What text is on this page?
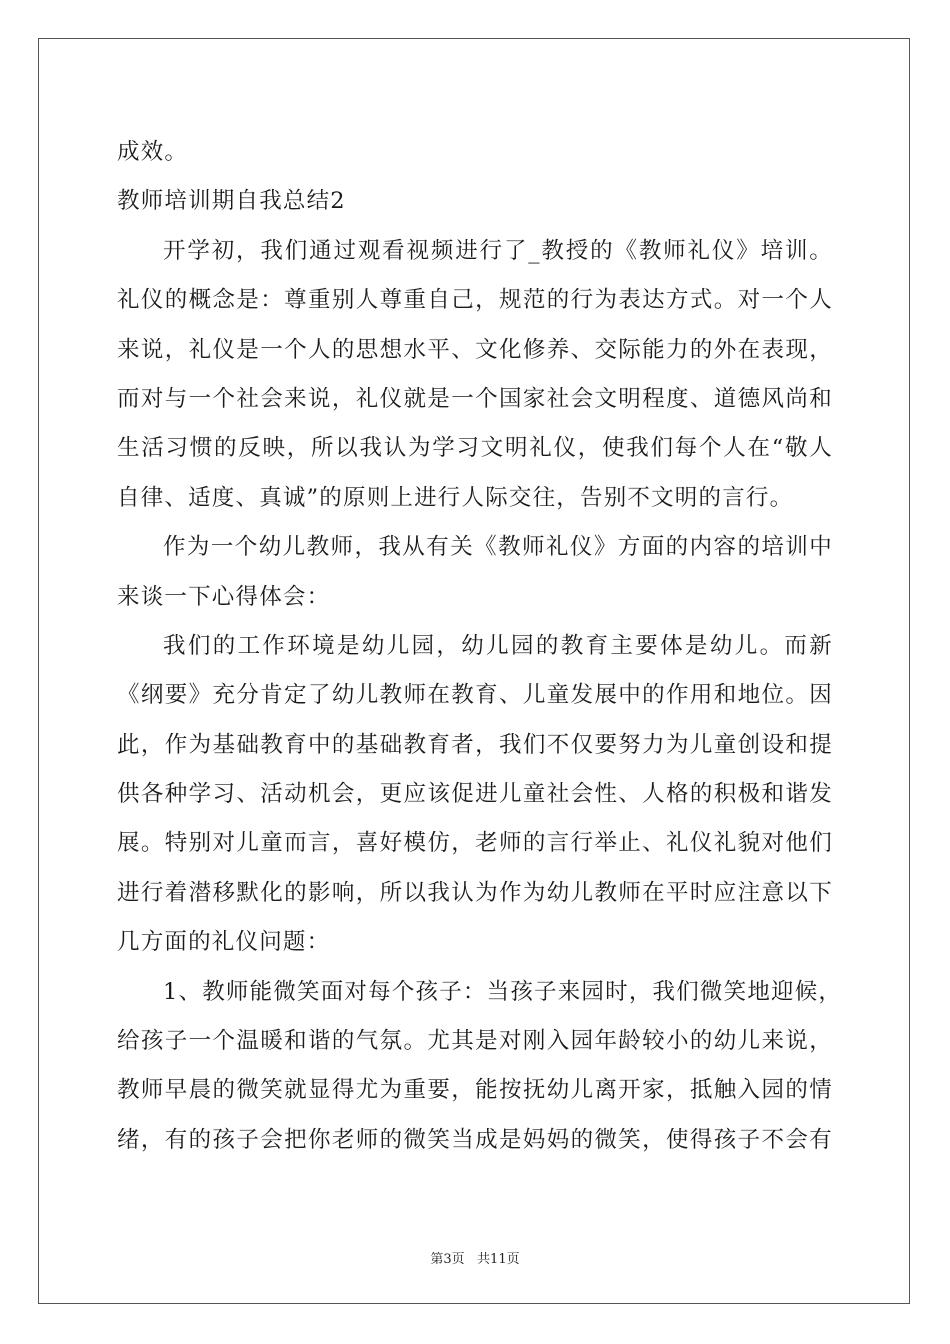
成效。
教师培训期自我总结2
开学初，我们通过观看视频进行了_教授的《教师礼仪》培训。
礼仪的概念是：尊重别人尊重自己，规范的行为表达方式。对一个人
来说，礼仪是一个人的思想水平、文化修养、交际能力的外在表现，
而对与一个社会来说，礼仪就是一个国家社会文明程度、道德风尚和
生活习惯的反映，所以我认为学习文明礼仪，使我们每个人在“敬人
自律、适度、真诚”的原则上进行人际交往，告别不文明的言行。
作为一个幼儿教师，我从有关《教师礼仪》方面的内容的培训中
来谈一下心得体会：
我们的工作环境是幼儿园，幼儿园的教育主要体是幼儿。而新
《纲要》充分肯定了幼儿教师在教育、儿童发展中的作用和地位。因
此，作为基础教育中的基础教育者，我们不仅要努力为儿童创设和提
供各种学习、活动机会，更应该促进儿童社会性、人格的积极和谐发
展。特别对儿童而言，喜好模仿，老师的言行举止、礼仪礼貌对他们
进行着潜移默化的影响，所以我认为作为幼儿教师在平时应注意以下
几方面的礼仪问题：
1、教师能微笑面对每个孩子：当孩子来园时，我们微笑地迎候，
给孩子一个温暖和谐的气氛。尤其是对刚入园年龄较小的幼儿来说，
教师早晨的微笑就显得尤为重要，能按抚幼儿离开家，抵触入园的情
绪，有的孩子会把你老师的微笑当成是妈妈的微笑，使得孩子不会有
第3页   共11页
